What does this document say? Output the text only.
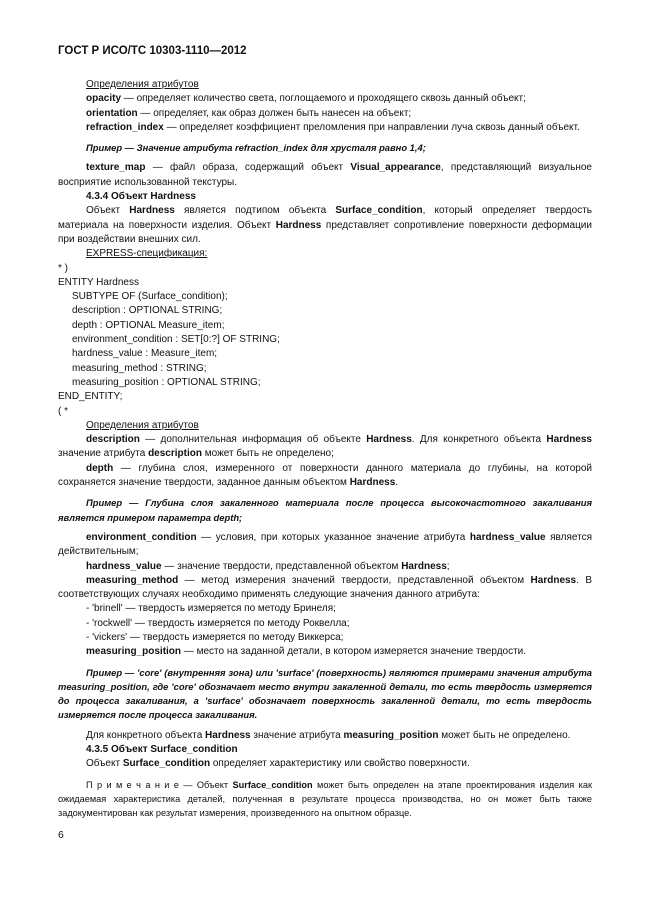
ГОСТ Р ИСО/ТС 10303-1110—2012

Определения атрибутов

opacity — определяет количество света, поглощаемого и проходящего сквозь данный объект;

orientation — определяет, как образ должен быть нанесен на объект;

refraction_index — определяет коэффициент преломления при направлении луча сквозь данный объект.

Пример — Значение атрибута refraction_index для хрусталя равно 1,4;

texture_map — файл образа, содержащий объект Visual_appearance, представляющий визуальное восприятие использованной текстуры.

4.3.4 Объект Hardness

Объект Hardness является подтипом объекта Surface_condition, который определяет твердость материала на поверхности изделия. Объект Hardness представляет сопротивление поверхности деформации при воздействии внешних сил.

EXPRESS-спецификация:

* )

ENTITY Hardness

SUBTYPE OF (Surface_condition);

description : OPTIONAL STRING;

depth : OPTIONAL Measure_item;

environment_condition : SET[0:?] OF STRING;

hardness_value : Measure_item;

measuring_method : STRING;

measuring_position : OPTIONAL STRING;

END_ENTITY;

( *

Определения атрибутов

description — дополнительная информация об объекте Hardness. Для конкретного объекта Hardness значение атрибута description может быть не определено;

depth — глубина слоя, измеренного от поверхности данного материала до глубины, на которой сохраняется значение твердости, заданное данным объектом Hardness.

Пример — Глубина слоя закаленного материала после процесса высокочастотного закаливания является примером параметра depth;

environment_condition — условия, при которых указанное значение атрибута hardness_value является действительным;

hardness_value — значение твердости, представленной объектом Hardness;

measuring_method — метод измерения значений твердости, представленной объектом Hardness. В соответствующих случаях необходимо применять следующие значения данного атрибута:

- 'brinell' — твердость измеряется по методу Бринеля;

- 'rockwell' — твердость измеряется по методу Роквелла;

- 'vickers' — твердость измеряется по методу Виккерса;

measuring_position — место на заданной детали, в котором измеряется значение твердости.

Пример — 'core' (внутренняя зона) или 'surface' (поверхность) являются примерами значения атрибута measuring_position, где 'core' обозначает место внутри закаленной детали, то есть твердость измеряется до процесса закаливания, а 'surface' обозначает поверхность закаленной детали, то есть твердость измеряется после процесса закаливания.

Для конкретного объекта Hardness значение атрибута measuring_position может быть не определено.

4.3.5 Объект Surface_condition

Объект Surface_condition определяет характеристику или свойство поверхности.

П р и м е ч а н и е — Объект Surface_condition может быть определен на этапе проектирования изделия как ожидаемая характеристика деталей, полученная в результате процесса производства, но он может быть также задокументирован как результат измерения, произведенного на опытном образце.

6
